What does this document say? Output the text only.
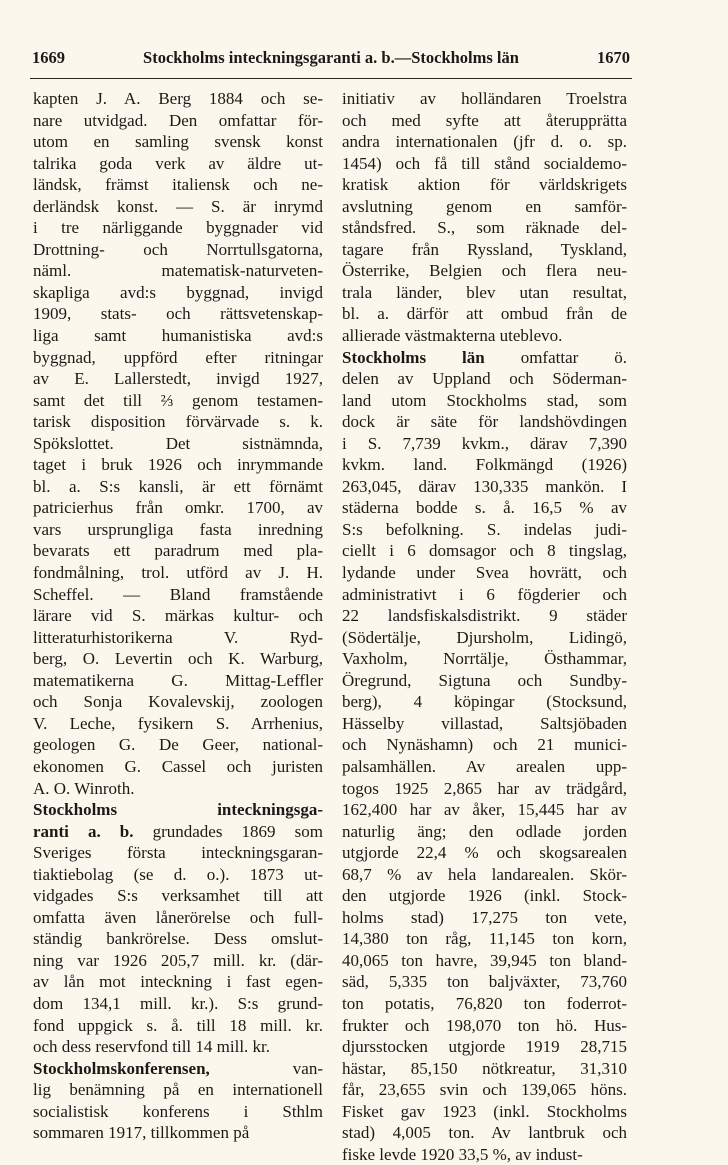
1669	Stockholms inteckningsgaranti a. b.—Stockholms län	1670
kapten J. A. Berg 1884 och se-
nare utvidgad. Den omfattar för-
utom en samling svensk konst
talrika goda verk av äldre ut-
ländsk, främst italiensk och ne-
derländsk konst. — S. är inrymd
i tre närliggande byggnader vid
Drottning- och Norrtullsgatorna,
näml. matematisk-naturveten-
skapliga avd:s byggnad, invigd
1909, stats- och rättsvetenskap-
liga samt humanistiska avd:s
byggnad, uppförd efter ritningar
av E. Lallerstedt, invigd 1927,
samt det till ⅔ genom testamen-
tarisk disposition förvärvade s. k.
Spökslottet. Det sistnämnda,
taget i bruk 1926 och inrymmande
bl. a. S:s kansli, är ett förnämt
patricierhus från omkr. 1700, av
vars ursprungliga fasta inredning
bevarats ett paradrum med pla-
fondmålning, trol. utförd av J. H.
Scheffel. — Bland framstående
lärare vid S. märkas kultur- och
litteraturhistorikerna V. Ryd-
berg, O. Levertin och K. Warburg,
matematikerna G. Mittag-Leffler
och Sonja Kovalevskij, zoologen
V. Leche, fysikern S. Arrhenius,
geologen G. De Geer, national-
ekonomen G. Cassel och juristen
A. O. Winroth.
Stockholms inteckningsga-
ranti a. b. grundades 1869 som
Sveriges första inteckningsgaran-
tiaktiebolag (se d. o.). 1873 ut-
vidgades S:s verksamhet till att
omfatta även lånerörelse och full-
ständig bankrörelse. Dess omslut-
ning var 1926 205,7 mill. kr. (där-
av lån mot inteckning i fast egen-
dom 134,1 mill. kr.). S:s grund-
fond uppgick s. å. till 18 mill. kr.
och dess reservfond till 14 mill. kr.
Stockholmskonferensen, van-
lig benämning på en internationell
socialistisk konferens i Sthlm
sommaren 1917, tillkommen på
initiativ av holländaren Troelstra
och med syfte att återupprätta
andra internationalen (jfr d. o. sp.
1454) och få till stånd socialdemo-
kratisk aktion för världskrigets
avslutning genom en samför-
ståndsfred. S., som räknade del-
tagare från Ryssland, Tyskland,
Österrike, Belgien och flera neu-
trala länder, blev utan resultat,
bl. a. därför att ombud från de
allierade västmakterna uteblevo.
Stockholms län omfattar ö.
delen av Uppland och Söderman-
land utom Stockholms stad, som
dock är säte för landshövdingen
i S. 7,739 kvkm., därav 7,390
kvkm. land. Folkmängd (1926)
263,045, därav 130,335 mankön. I
städerna bodde s. å. 16,5 % av
S:s befolkning. S. indelas judi-
ciellt i 6 domsagor och 8 tingslag,
lydande under Svea hovrätt, och
administrativt i 6 fögderier och
22 landsfiskalsdistrikt. 9 städer
(Södertälje, Djursholm, Lidingö,
Vaxholm, Norrtälje, Östhammar,
Öregrund, Sigtuna och Sundby-
berg), 4 köpingar (Stocksund,
Hässelby villastad, Saltsjöbaden
och Nynäshamn) och 21 munici-
palsamhällen. Av arealen upp-
togos 1925 2,865 har av trädgård,
162,400 har av åker, 15,445 har av
naturlig äng; den odlade jorden
utgjorde 22,4 % och skogsarealen
68,7 % av hela landarealen. Skör-
den utgjorde 1926 (inkl. Stock-
holms stad) 17,275 ton vete,
14,380 ton råg, 11,145 ton korn,
40,065 ton havre, 39,945 ton bland-
säd, 5,335 ton baljväxter, 73,760
ton potatis, 76,820 ton foderrot-
frukter och 198,070 ton hö. Hus-
djursstocken utgjorde 1919 28,715
hästar, 85,150 nötkreatur, 31,310
får, 23,655 svin och 139,065 höns.
Fisket gav 1923 (inkl. Stockholms
stad) 4,005 ton. Av lantbruk och
fiske levde 1920 33,5 %, av indust-
